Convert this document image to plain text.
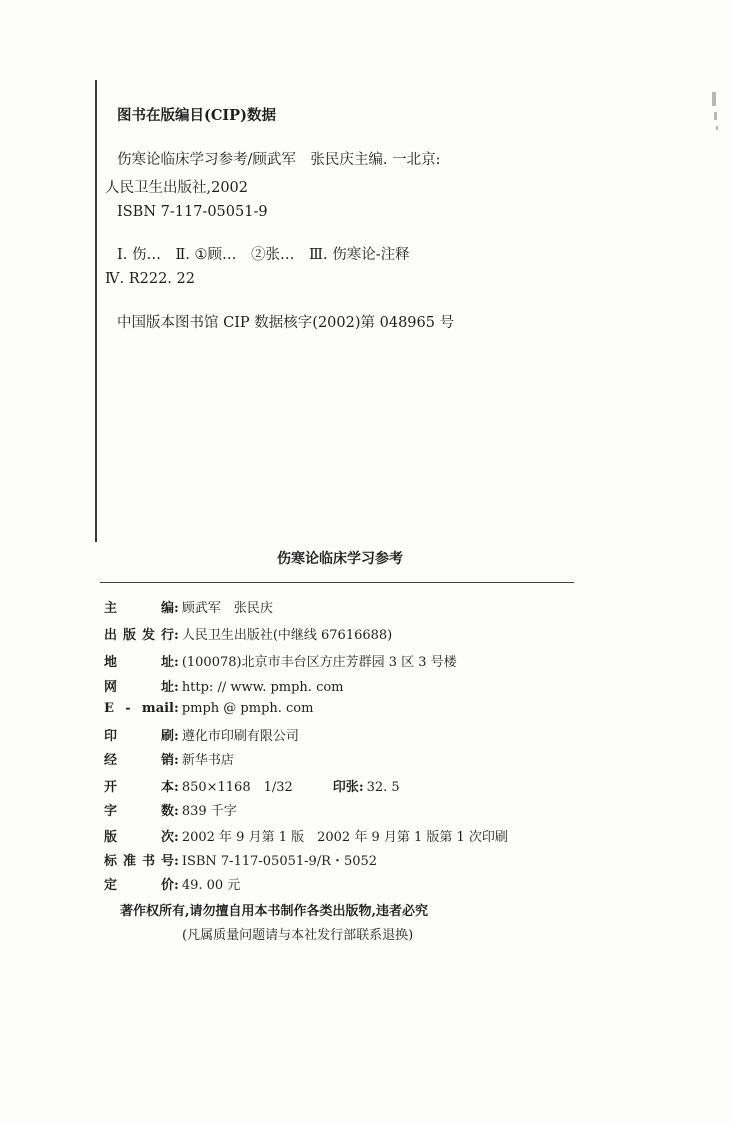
图书在版编目(CIP)数据
伤寒论临床学习参考/顾武军　张民庆主编. 一北京:
人民卫生出版社,2002
ISBN 7-117-05051-9
Ⅰ. 伤…　Ⅱ. ①顾…　②张…　Ⅲ. 伤寒论-注释
Ⅳ. R222. 22
中国版本图书馆 CIP 数据核字(2002)第 048965 号
伤寒论临床学习参考
主编: 顾武军　张民庆
出版发行: 人民卫生出版社(中继线 67616688)
地址: (100078)北京市丰台区方庄芳群园 3 区 3 号楼
网址: http: // www. pmph. com
E - mail: pmph @ pmph. com
印刷: 遵化市印刷有限公司
经销: 新华书店
开本: 850×1168　1/32	印张: 32. 5
字数: 839 千字
版次: 2002 年 9 月第 1 版　2002 年 9 月第 1 版第 1 次印刷
标准书号: ISBN 7-117-05051-9/R・5052
定价: 49. 00 元
著作权所有,请勿擅自用本书制作各类出版物,违者必究
(凡属质量问题请与本社发行部联系退换)
